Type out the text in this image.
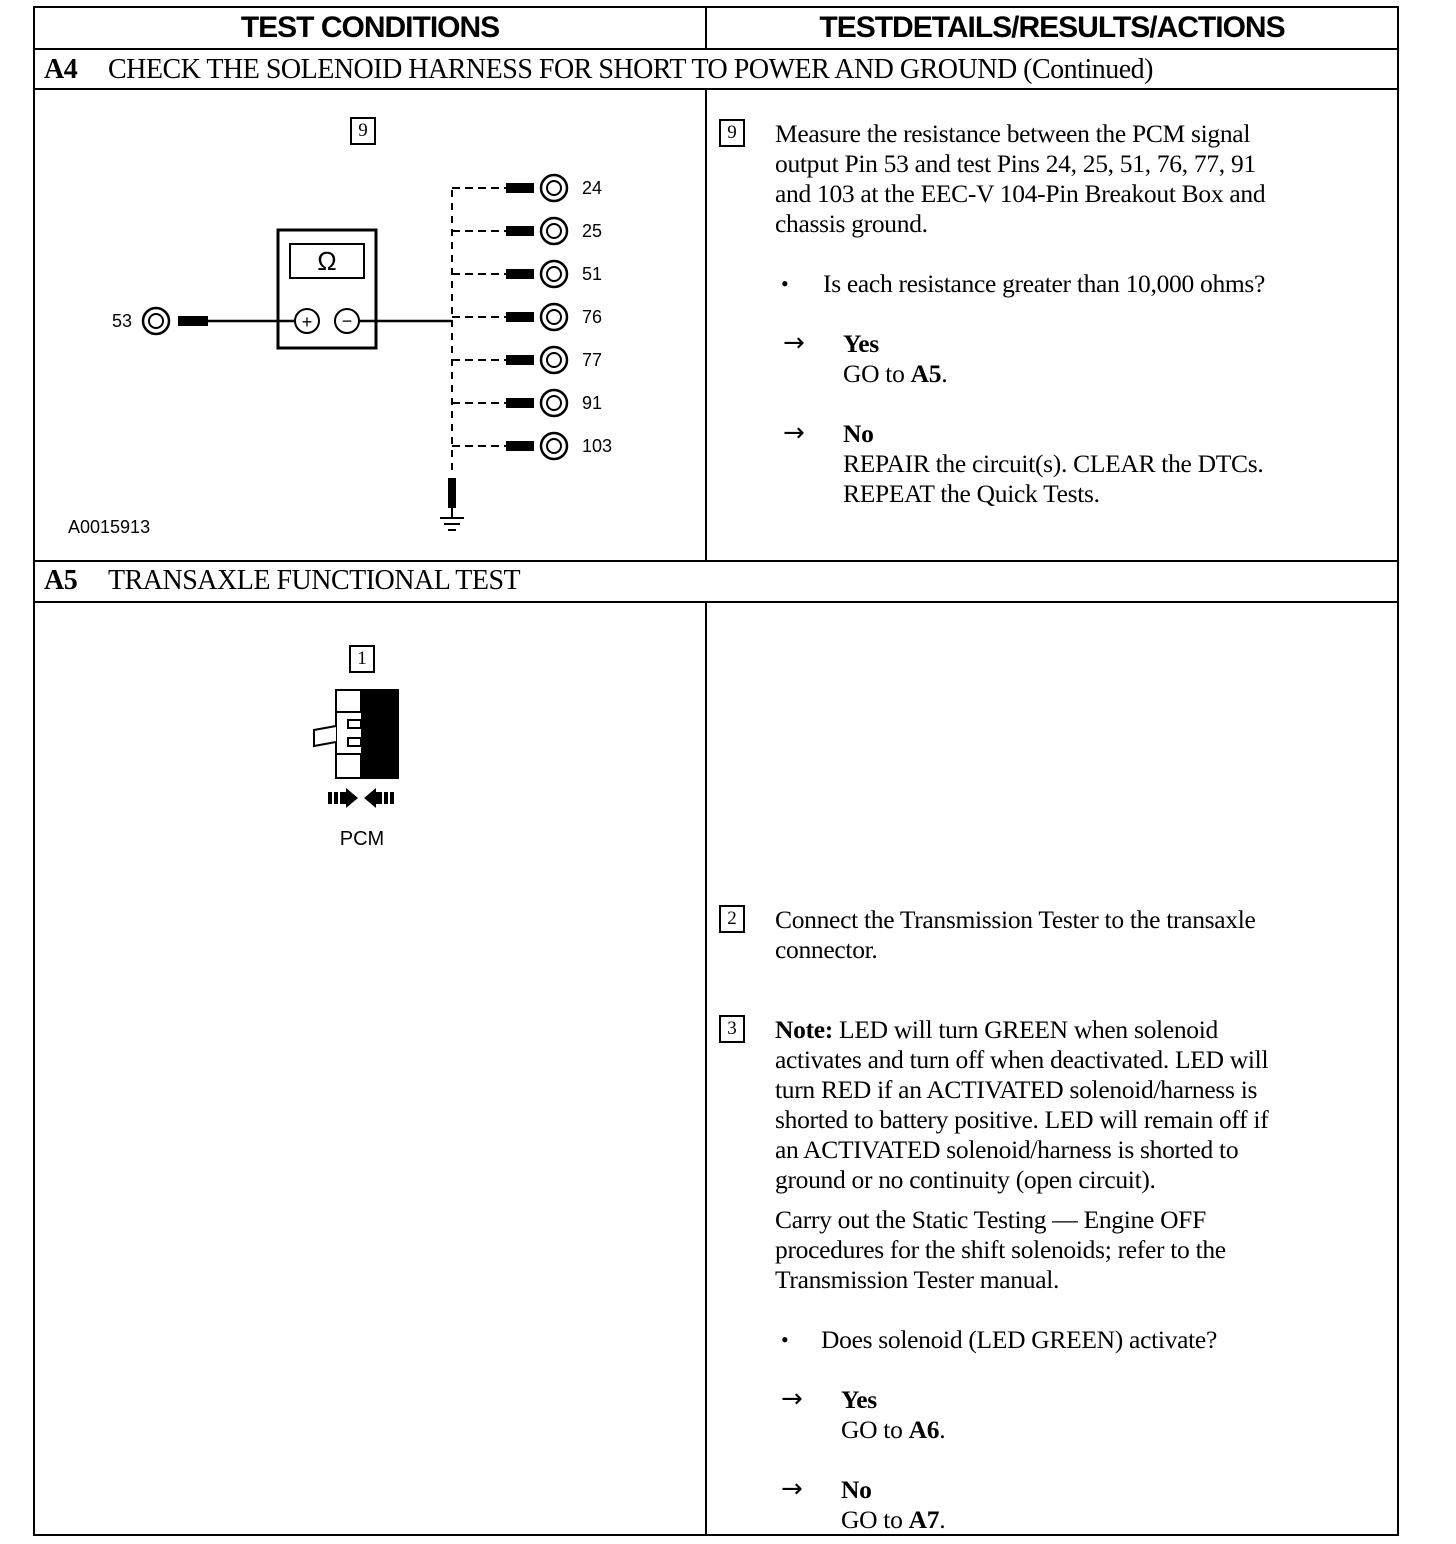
TEST CONDITIONS	TESTDETAILS/RESULTS/ACTIONS
A4 CHECK THE SOLENOID HARNESS FOR SHORT TO POWER AND GROUND (Continued)
9
Ω
+ −
53
24
25
51
76
77
91
103
A0015913
9	Measure the resistance between the PCM signal
output Pin 53 and test Pins 24, 25, 51, 76, 77, 91
and 103 at the EEC-V 104-Pin Breakout Box and
chassis ground.
• Is each resistance greater than 10,000 ohms?
→ Yes
GO to A5.
→ No
REPAIR the circuit(s). CLEAR the DTCs.
REPEAT the Quick Tests.
A5 TRANSAXLE FUNCTIONAL TEST
1
PCM
2	Connect the Transmission Tester to the transaxle
connector.
3	Note: LED will turn GREEN when solenoid
activates and turn off when deactivated. LED will
turn RED if an ACTIVATED solenoid/harness is
shorted to battery positive. LED will remain off if
an ACTIVATED solenoid/harness is shorted to
ground or no continuity (open circuit).
Carry out the Static Testing — Engine OFF
procedures for the shift solenoids; refer to the
Transmission Tester manual.
• Does solenoid (LED GREEN) activate?
→ Yes
GO to A6.
→ No
GO to A7.
